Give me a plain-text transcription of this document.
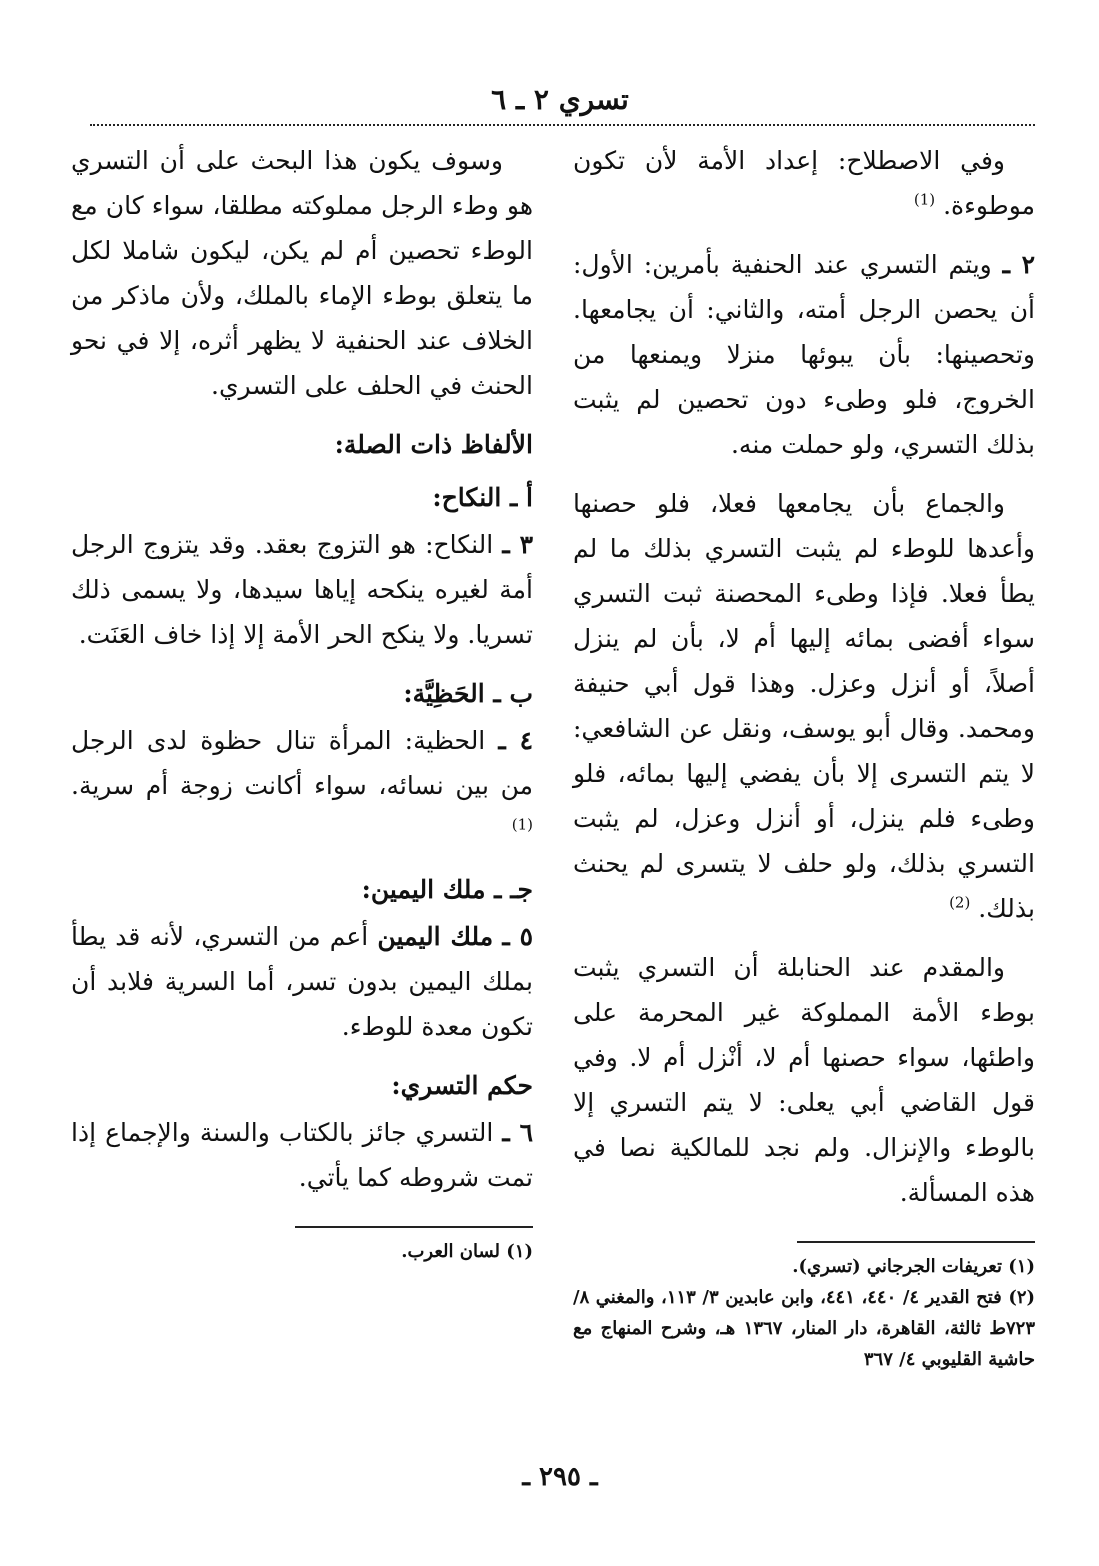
تسري ٢ ـ ٦

وفي الاصطلاح: إعداد الأمة لأن تكون موطوءة. $^{(1)}$

٢ ـ ويتم التسري عند الحنفية بأمرين: الأول: أن يحصن الرجل أمته، والثاني: أن يجامعها. وتحصينها: بأن يبوئها منزلا ويمنعها من الخروج، فلو وطىء دون تحصين لم يثبت بذلك التسري، ولو حملت منه.

والجماع بأن يجامعها فعلا، فلو حصنها وأعدها للوطء لم يثبت التسري بذلك ما لم يطأ فعلا. فإذا وطىء المحصنة ثبت التسري سواء أفضى بمائه إليها أم لا، بأن لم ينزل أصلاً، أو أنزل وعزل. وهذا قول أبي حنيفة ومحمد. وقال أبو يوسف، ونقل عن الشافعي: لا يتم التسرى إلا بأن يفضي إليها بمائه، فلو وطىء فلم ينزل، أو أنزل وعزل، لم يثبت التسري بذلك، ولو حلف لا يتسرى لم يحنث بذلك. $^{(2)}$

والمقدم عند الحنابلة أن التسري يثبت بوطء الأمة المملوكة غير المحرمة على واطئها، سواء حصنها أم لا، أنْزل أم لا. وفي قول القاضي أبي يعلى: لا يتم التسري إلا بالوطء والإنزال. ولم نجد للمالكية نصا في هذه المسألة.

(١) تعريفات الجرجاني (تسري).

(٢) فتح القدير ٤/ ٤٤٠، ٤٤١، وابن عابدين ٣/ ١١٣، والمغني ٨/ ٧٢٣ط ثالثة، القاهرة، دار المنار، ١٣٦٧ هـ، وشرح المنهاج مع حاشية القليوبي ٤/ ٣٦٧

وسوف يكون هذا البحث على أن التسري هو وطء الرجل مملوكته مطلقا، سواء كان مع الوطء تحصين أم لم يكن، ليكون شاملا لكل ما يتعلق بوطء الإماء بالملك، ولأن ماذكر من الخلاف عند الحنفية لا يظهر أثره، إلا في نحو الحنث في الحلف على التسري.

الألفاظ ذات الصلة:
أ ـ النكاح:

٣ ـ النكاح: هو التزوج بعقد. وقد يتزوج الرجل أمة لغيره ينكحه إياها سيدها، ولا يسمى ذلك تسريا. ولا ينكح الحر الأمة إلا إذا خاف العَنَت.

ب ـ الحَظِيَّة:

٤ ـ الحظية: المرأة تنال حظوة لدى الرجل من بين نسائه، سواء أكانت زوجة أم سرية. $^{(1)}$

جـ ـ ملك اليمين:

٥ ـ ملك اليمين أعم من التسري، لأنه قد يطأ بملك اليمين بدون تسر، أما السرية فلابد أن تكون معدة للوطء.

حكم التسري:

٦ ـ التسري جائز بالكتاب والسنة والإجماع إذا تمت شروطه كما يأتي.

(١) لسان العرب.

ـ ٢٩٥ ـ
